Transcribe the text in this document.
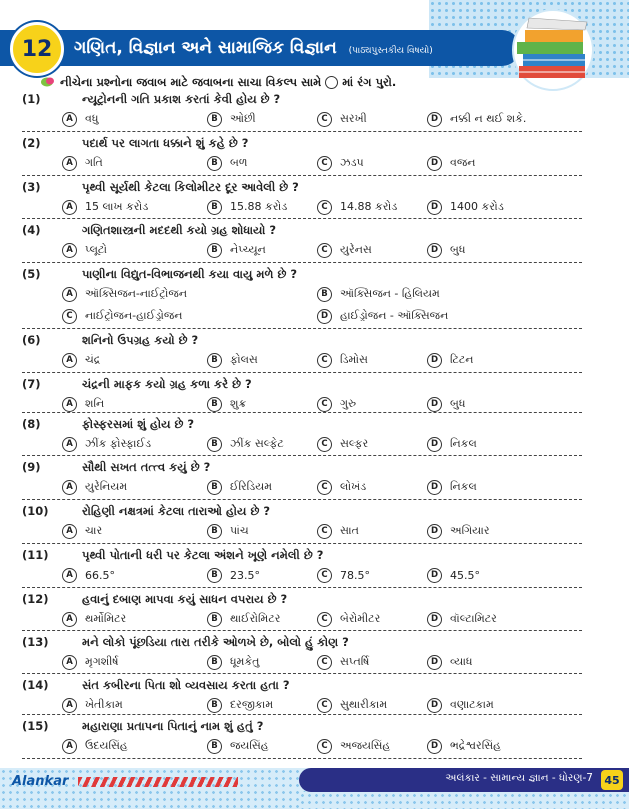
12 ગણિત, વિજ્ઞાન અને સામાજિક વિજ્ઞાન (પાઠ્યપુસ્તકીય વિષયો)
નીચેના પ્રશ્નોના જવાબ માટે જવાબના સાચા વિકલ્પ સામે માં રંગ પુરો.
(1)	ન્યૂટ્રોનની ગતિ પ્રકાશ કરતાં કેવી હોય છે ?
A	વધુ	B	ઓછી	C	સરખી	D	નક્કી ન થઈ શકે.
(2)	પદાર્થ પર લાગતા ધક્કાને શું કહે છે ?
A	ગતિ	B	બળ	C	ઝડપ	D	વજન
(3)	પૃથ્વી સૂર્યથી કેટલા કિલોમીટર દૂર આવેલી છે ?
A	15 લાખ કરોડ	B	15.88 કરોડ	C	14.88 કરોડ	D	1400 કરોડ
(4)	ગણિતશાસ્ત્રની મદદથી કયો ગ્રહ શોધાયો ?
A	પ્લૂટો	B	નેપ્ચ્યૂન	C	યુરેનસ	D	બુધ
(5)	પાણીના વિદ્યુત-વિભાજનથી કયા વાયુ મળે છે ?
A	ઑક્સિજન-નાઈટ્રોજન	B	ઑક્સિજન - હિલિયમ
C	નાઈટ્રોજન-હાઈડ્રોજન	D	હાઈડ્રોજન - ઑક્સિજન
(6)	શનિનો ઉપગ્રહ કયો છે ?
A	ચંદ્ર	B	ફોલસ	C	ડિમોસ	D	ટિટન
(7)	ચંદ્રની માફક કયો ગ્રહ કળા કરે છે ?
A	શનિ	B	શુક્ર	C	ગુરુ	D	બુધ
(8)	ફોસ્ફરસમાં શું હોય છે ?
A	ઝીંક ફોસ્ફાઈડ	B	ઝીંક સલ્ફેટ	C	સલ્ફર	D	નિકલ
(9)	સૌથી સખત તત્ત્વ કયું છે ?
A	યુરેનિયમ	B	ઈરિડિયમ	C	લોખંડ	D	નિકલ
(10)	રોહિણી નક્ષત્રમાં કેટલા તારાઓ હોય છે ?
A	ચાર	B	પાંચ	C	સાત	D	અગિયાર
(11)	પૃથ્વી પોતાની ધરી પર કેટલા અંશને ખૂણે નમેલી છે ?
A	66.5°	B	23.5°	C	78.5°	D	45.5°
(12)	હવાનું દબાણ માપવા કયું સાધન વપરાય છે ?
A	થર્મોમિટર	B	થાઈરોમિટર	C	બેરોમીટર	D	વૉલ્ટામિટર
(13)	મને લોકો પૂંછડિયા તારા તરીકે ઓળખે છે, બોલો હું કોણ ?
A	મૃગશીર્ષ	B	ધૂમકેતુ	C	સપ્તર્ષિ	D	વ્યાધ
(14)	સંત કબીરના પિતા શો વ્યવસાય કરતા હતા ?
A	ખેતીકામ	B	દરજીકામ	C	સુથારીકામ	D	વણાટકામ
(15)	મહારાણા પ્રતાપના પિતાનું નામ શું હતું ?
A	ઉદયસિંહ	B	જયસિંહ	C	અજયસિંહ	D	ભદ્રેશ્વરસિંહ
Alankar	અલંકાર - સામાન્ય જ્ઞાન - ધોરણ-7	45
